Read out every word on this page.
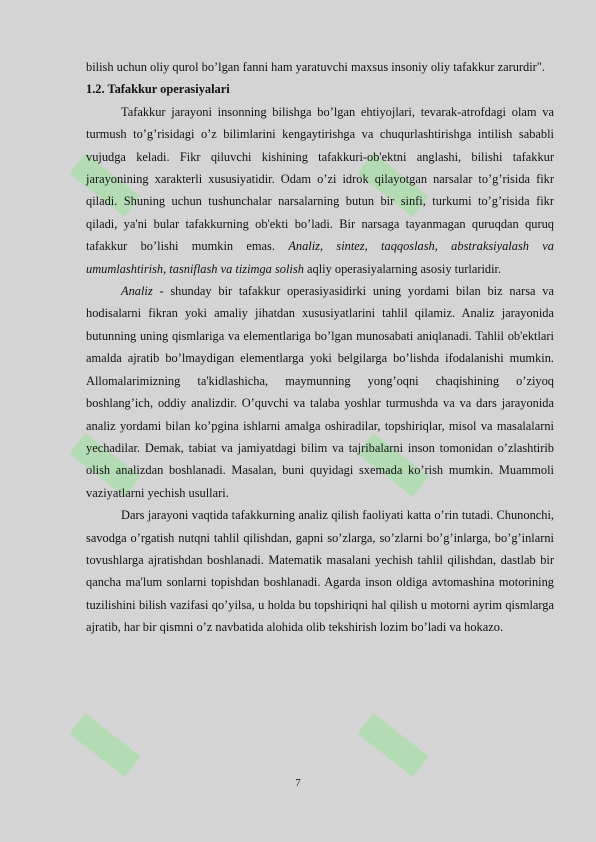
bilish uchun oliy qurol bo’lgan fanni ham yaratuvchi maxsus insoniy oliy tafakkur zarurdir".

1.2. Tafakkur operasiyalari

Tafakkur jarayoni insonning bilishga bo’lgan ehtiyojlari, tevarak-atrofdagi olam va turmush to’g’risidagi o’z bilimlarini kengaytirishga va chuqurlashtirishga intilish sababli vujudga keladi. Fikr qiluvchi kishining tafakkuri-ob'ektni anglashi, bilishi tafakkur jarayonining xarakterli xususiyatidir. Odam o’zi idrok qilayotgan narsalar to’g’risida fikr qiladi. Shuning uchun tushunchalar narsalarning butun bir sinfi, turkumi to’g’risida fikr qiladi, ya'ni bular tafakkurning ob'ekti bo’ladi. Bir narsaga tayanmagan quruqdan quruq tafakkur bo’lishi mumkin emas. Analiz, sintez, taqqoslash, abstraksiyalash va umumlashtirish, tasniflash va tizimga solish aqliy operasiyalarning asosiy turlaridir.

Analiz - shunday bir tafakkur operasiyasidirki uning yordami bilan biz narsa va hodisalarni fikran yoki amaliy jihatdan xususiyatlarini tahlil qilamiz. Analiz jarayonida butunning uning qismlariga va elementlariga bo’lgan munosabati aniqlanadi. Tahlil ob'ektlari amalda ajratib bo’lmaydigan elementlarga yoki belgilarga bo’lishda ifodalanishi mumkin. Allomalarimizning ta'kidlashicha, maymunning yong’oqni chaqishining o’ziyoq boshlang’ich, oddiy analizdir. O’quvchi va talaba yoshlar turmushda va va dars jarayonida analiz yordami bilan ko’pgina ishlarni amalga oshiradilar, topshiriqlar, misol va masalalarni yechadilar. Demak, tabiat va jamiyatdagi bilim va tajribalarni inson tomonidan o’zlashtirib olish analizdan boshlanadi. Masalan, buni quyidagi sxemada ko’rish mumkin. Muammoli vaziyatlarni yechish usullari.

Dars jarayoni vaqtida tafakkurning analiz qilish faoliyati katta o’rin tutadi. Chunonchi, savodga o’rgatish nutqni tahlil qilishdan, gapni so’zlarga, so’zlarni bo’g’inlarga, bo’g’inlarni tovushlarga ajratishdan boshlanadi. Matematik masalani yechish tahlil qilishdan, dastlab bir qancha ma'lum sonlarni topishdan boshlanadi. Agarda inson oldiga avtomashina motorining tuzilishini bilish vazifasi qo’yilsa, u holda bu topshiriqni hal qilish u motorni ayrim qismlarga ajratib, har bir qismni o’z navbatida alohida olib tekshirish lozim bo’ladi va hokazo.

7
